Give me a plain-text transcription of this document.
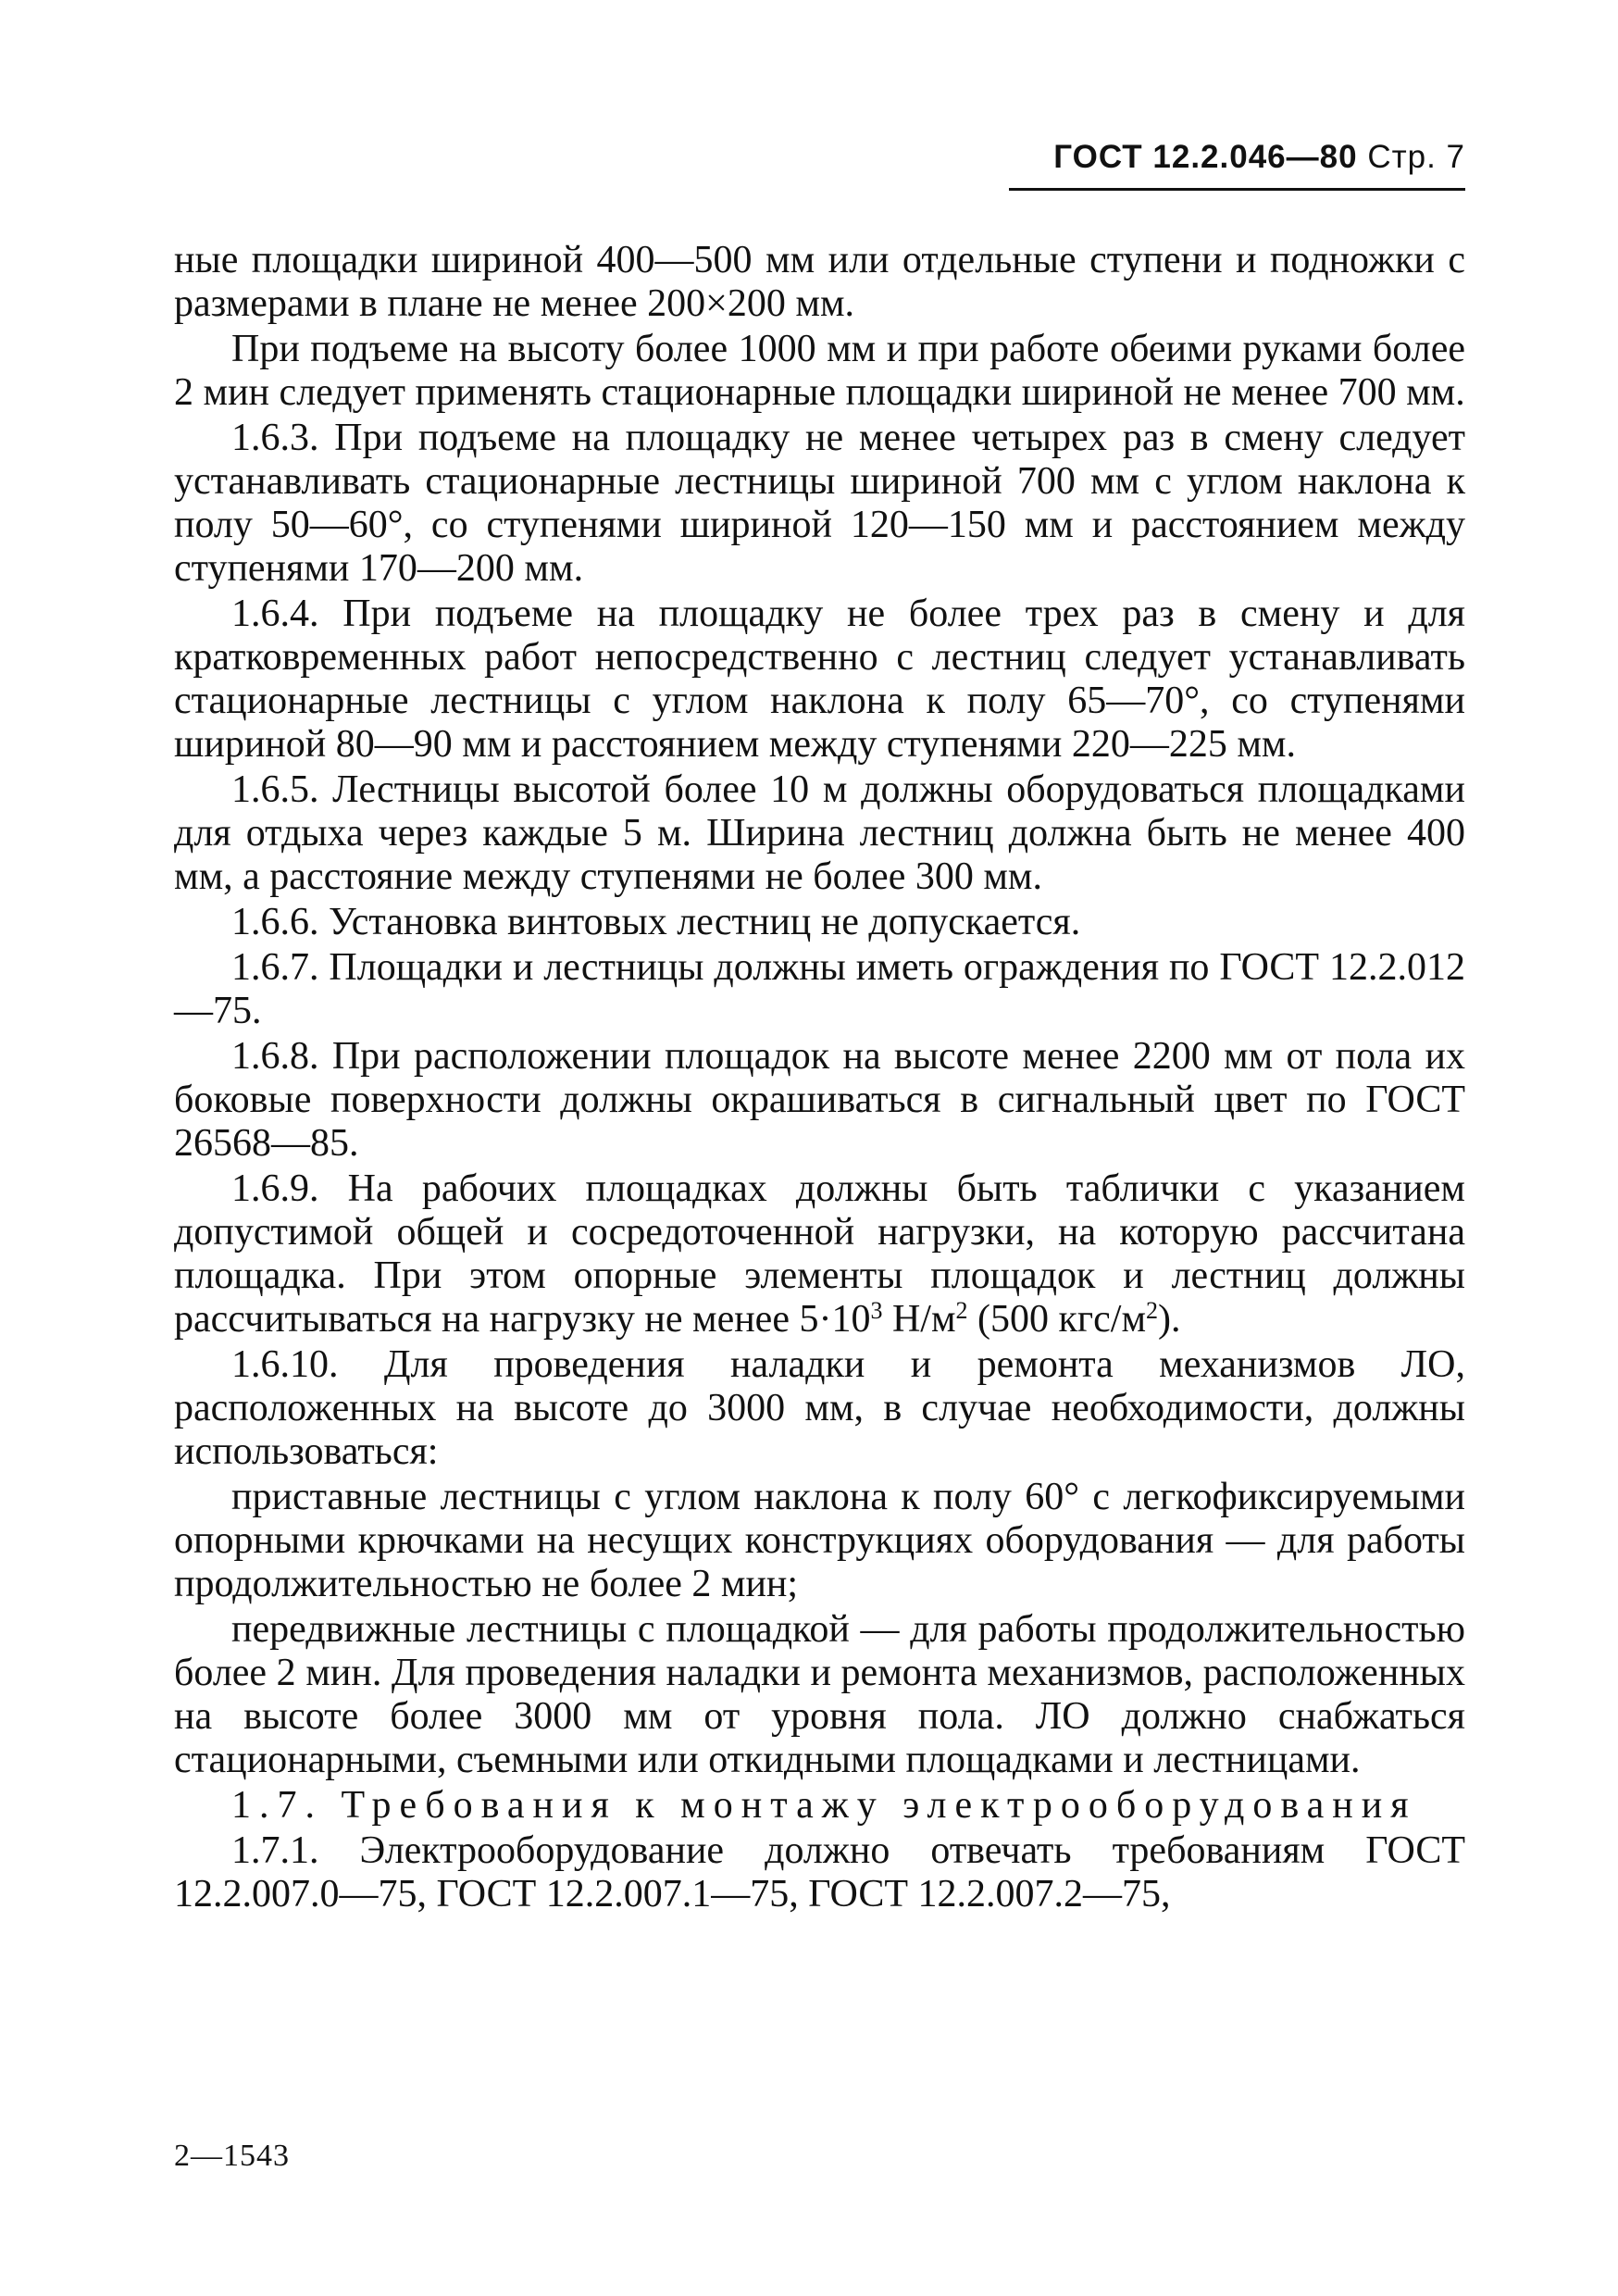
ГОСТ 12.2.046—80 Стр. 7

ные площадки шириной 400—500 мм или отдельные ступени и подножки с размерами в плане не менее 200×200 мм.

При подъеме на высоту более 1000 мм и при работе обеими руками более 2 мин следует применять стационарные площадки шириной не менее 700 мм.

1.6.3. При подъеме на площадку не менее четырех раз в смену следует устанавливать стационарные лестницы шириной 700 мм с углом наклона к полу 50—60°, со ступенями шириной 120—150 мм и расстоянием между ступенями 170—200 мм.

1.6.4. При подъеме на площадку не более трех раз в смену и для кратковременных работ непосредственно с лестниц следует устанавливать стационарные лестницы с углом наклона к полу 65—70°, со ступенями шириной 80—90 мм и расстоянием между ступенями 220—225 мм.

1.6.5. Лестницы высотой более 10 м должны оборудоваться площадками для отдыха через каждые 5 м. Ширина лестниц должна быть не менее 400 мм, а расстояние между ступенями не более 300 мм.

1.6.6. Установка винтовых лестниц не допускается.

1.6.7. Площадки и лестницы должны иметь ограждения по ГОСТ 12.2.012—75.

1.6.8. При расположении площадок на высоте менее 2200 мм от пола их боковые поверхности должны окрашиваться в сигнальный цвет по ГОСТ 26568—85.

1.6.9. На рабочих площадках должны быть таблички с указанием допустимой общей и сосредоточенной нагрузки, на которую рассчитана площадка. При этом опорные элементы площадок и лестниц должны рассчитываться на нагрузку не менее $5\cdot 10^3$ $Н/м^2$ (500 кгс/$м^2$).

1.6.10. Для проведения наладки и ремонта механизмов ЛО, расположенных на высоте до 3000 мм, в случае необходимости, должны использоваться:

приставные лестницы с углом наклона к полу 60° с легкофиксируемыми опорными крючками на несущих конструкциях оборудования — для работы продолжительностью не более 2 мин;

передвижные лестницы с площадкой — для работы продолжительностью более 2 мин. Для проведения наладки и ремонта механизмов, расположенных на высоте более 3000 мм от уровня пола. ЛО должно снабжаться стационарными, съемными или откидными площадками и лестницами.

1.7. Требования к монтажу электрооборудования

1.7.1. Электрооборудование должно отвечать требованиям ГОСТ 12.2.007.0—75, ГОСТ 12.2.007.1—75, ГОСТ 12.2.007.2—75,

2—1543
